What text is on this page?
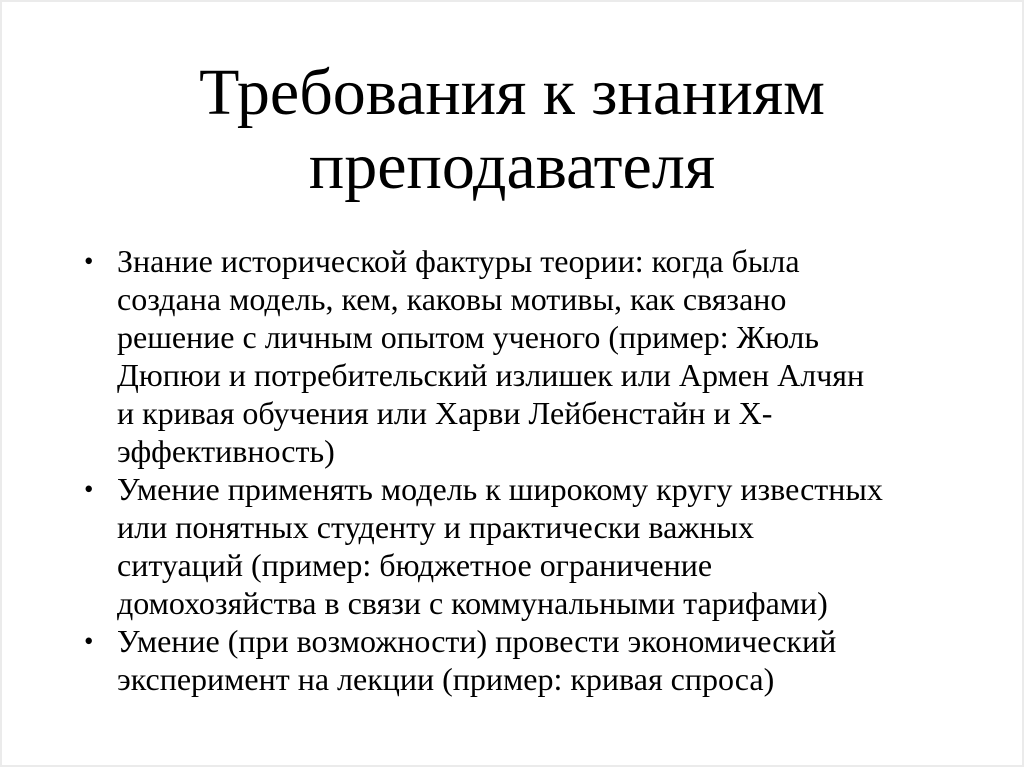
Требования к знаниям
преподавателя
• Знание исторической фактуры теории: когда была
создана модель, кем, каковы мотивы, как связано
решение с личным опытом ученого (пример: Жюль
Дюпюи и потребительский излишек или Армен Алчян
и кривая обучения или Харви Лейбенстайн и Х-
эффективность)
• Умение применять модель к широкому кругу известных
или понятных студенту и практически важных
ситуаций (пример: бюджетное ограничение
домохозяйства в связи с коммунальными тарифами)
• Умение (при возможности) провести экономический
эксперимент на лекции (пример: кривая спроса)
